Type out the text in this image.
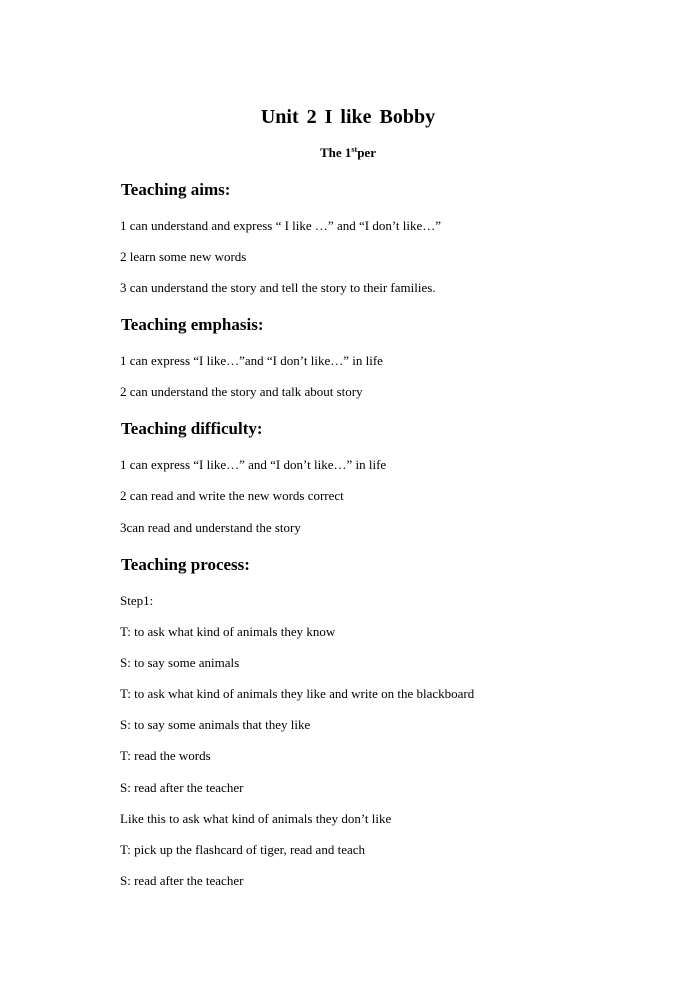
Unit 2 I like Bobby
The 1stper
Teaching aims:
1 can understand and express “ I like …” and “I don’t like…”
2 learn some new words
3 can understand the story and tell the story to their families.
Teaching emphasis:
1 can express “I like…”and “I don’t like…” in life
2 can understand the story and talk about story
Teaching difficulty:
1 can express “I like…” and “I don’t like…” in life
2 can read and write the new words correct
3can read and understand the story
Teaching process:
Step1:
T: to ask what kind of animals they know
S: to say some animals
T: to ask what kind of animals they like and write on the blackboard
S: to say some animals that they like
T: read the words
S: read after the teacher
Like this to ask what kind of animals they don’t like
T: pick up the flashcard of tiger, read and teach
S: read after the teacher
